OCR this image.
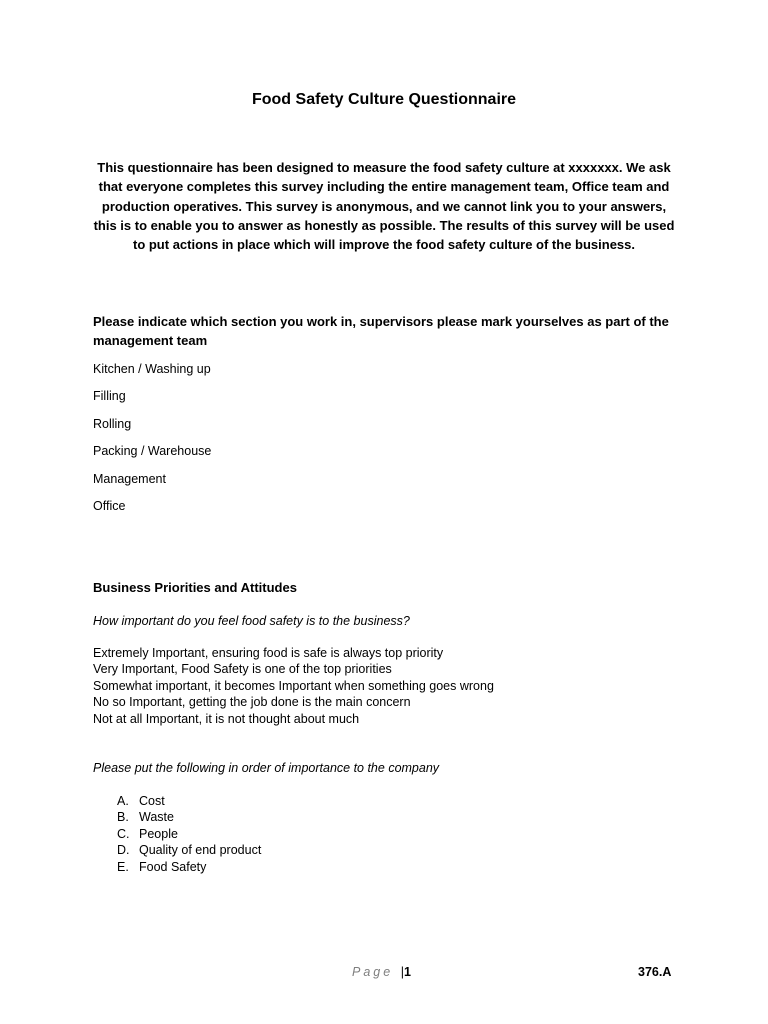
Food Safety Culture Questionnaire
This questionnaire has been designed to measure the food safety culture at xxxxxxx. We ask that everyone completes this survey including the entire management team, Office team and production operatives. This survey is anonymous, and we cannot link you to your answers, this is to enable you to answer as honestly as possible. The results of this survey will be used to put actions in place which will improve the food safety culture of the business.
Please indicate which section you work in, supervisors please mark yourselves as part of the management team
Kitchen / Washing up
Filling
Rolling
Packing / Warehouse
Management
Office
Business Priorities and Attitudes
How important do you feel food safety is to the business?
Extremely Important, ensuring food is safe is always top priority
Very Important, Food Safety is one of the top priorities
Somewhat important, it becomes Important when something goes wrong
No so Important, getting the job done is the main concern
Not at all Important, it is not thought about much
Please put the following in order of importance to the company
A. Cost
B. Waste
C. People
D. Quality of end product
E. Food Safety
Page |1	376.A
